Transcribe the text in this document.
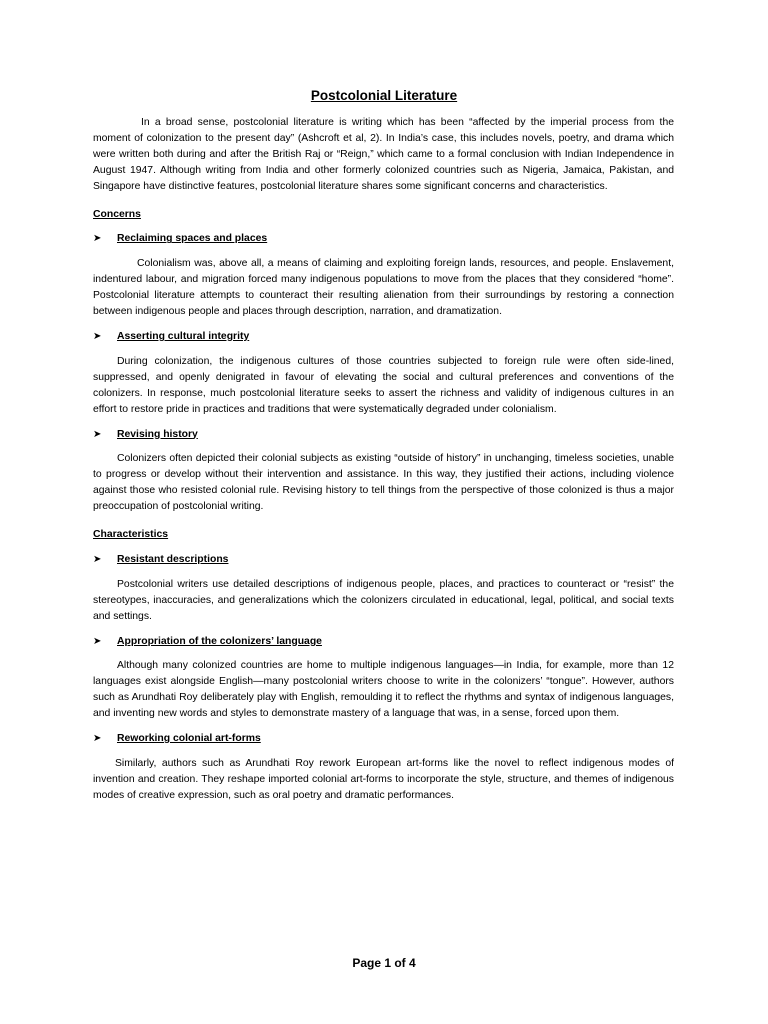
Postcolonial Literature

In a broad sense, postcolonial literature is writing which has been “affected by the imperial process from the moment of colonization to the present day” (Ashcroft et al, 2). In India’s case, this includes novels, poetry, and drama which were written both during and after the British Raj or “Reign,” which came to a formal conclusion with Indian Independence in August 1947. Although writing from India and other formerly colonized countries such as Nigeria, Jamaica, Pakistan, and Singapore have distinctive features, postcolonial literature shares some significant concerns and characteristics.

Concerns

➤	Reclaiming spaces and places

Colonialism was, above all, a means of claiming and exploiting foreign lands, resources, and people. Enslavement, indentured labour, and migration forced many indigenous populations to move from the places that they considered “home”. Postcolonial literature attempts to counteract their resulting alienation from their surroundings by restoring a connection between indigenous people and places through description, narration, and dramatization.

➤	Asserting cultural integrity

During colonization, the indigenous cultures of those countries subjected to foreign rule were often side-lined, suppressed, and openly denigrated in favour of elevating the social and cultural preferences and conventions of the colonizers. In response, much postcolonial literature seeks to assert the richness and validity of indigenous cultures in an effort to restore pride in practices and traditions that were systematically degraded under colonialism.

➤	Revising history

Colonizers often depicted their colonial subjects as existing “outside of history” in unchanging, timeless societies, unable to progress or develop without their intervention and assistance. In this way, they justified their actions, including violence against those who resisted colonial rule. Revising history to tell things from the perspective of those colonized is thus a major preoccupation of postcolonial writing.

Characteristics

➤	Resistant descriptions

Postcolonial writers use detailed descriptions of indigenous people, places, and practices to counteract or “resist” the stereotypes, inaccuracies, and generalizations which the colonizers circulated in educational, legal, political, and social texts and settings.

➤	Appropriation of the colonizers’ language

Although many colonized countries are home to multiple indigenous languages—in India, for example, more than 12 languages exist alongside English—many postcolonial writers choose to write in the colonizers’ “tongue”. However, authors such as Arundhati Roy deliberately play with English, remoulding it to reflect the rhythms and syntax of indigenous languages, and inventing new words and styles to demonstrate mastery of a language that was, in a sense, forced upon them.

➤	Reworking colonial art-forms

Similarly, authors such as Arundhati Roy rework European art-forms like the novel to reflect indigenous modes of invention and creation. They reshape imported colonial art-forms to incorporate the style, structure, and themes of indigenous modes of creative expression, such as oral poetry and dramatic performances.

Page 1 of 4
